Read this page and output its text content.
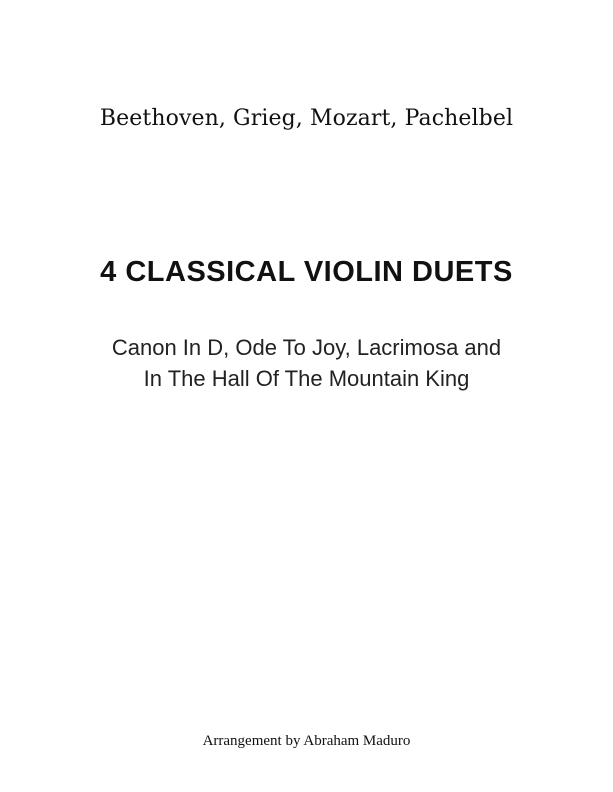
Beethoven, Grieg, Mozart, Pachelbel
4 CLASSICAL VIOLIN DUETS
Canon In D, Ode To Joy, Lacrimosa and
In The Hall Of The Mountain King
Arrangement by Abraham Maduro
